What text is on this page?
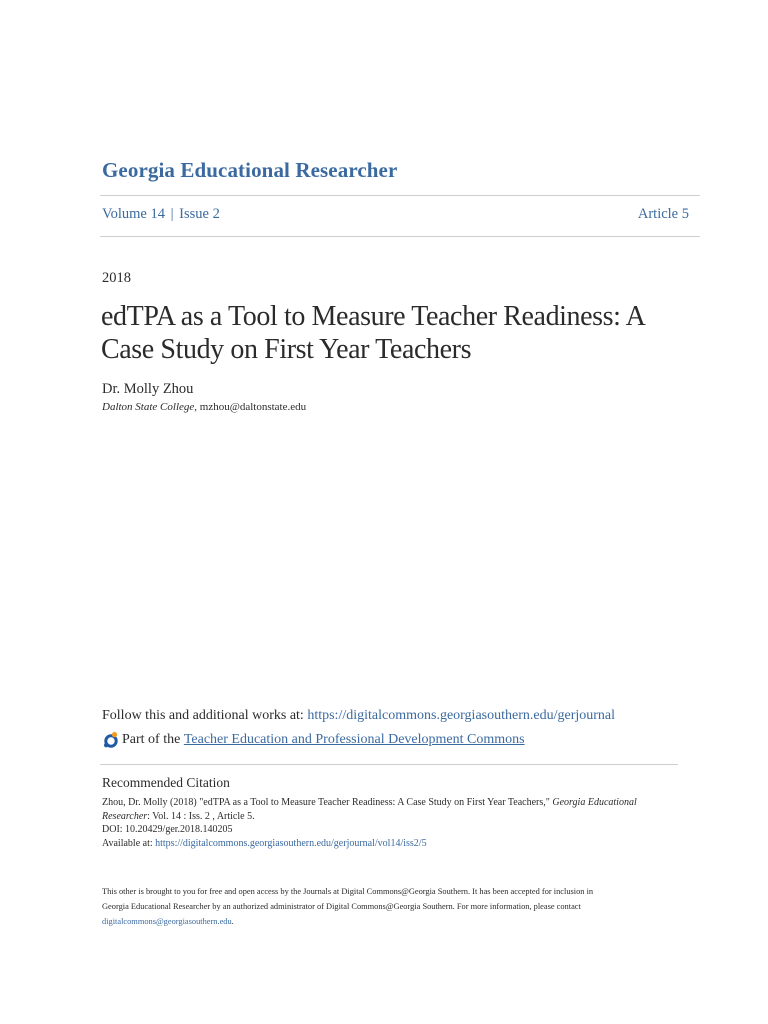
Georgia Educational Researcher
Volume 14 | Issue 2	Article 5
2018
edTPA as a Tool to Measure Teacher Readiness: A
Case Study on First Year Teachers
Dr. Molly Zhou
Dalton State College, mzhou@daltonstate.edu
Follow this and additional works at: https://digitalcommons.georgiasouthern.edu/gerjournal
Part of the
Teacher Education and Professional Development Commons
Recommended Citation
Zhou, Dr. Molly (2018) "edTPA as a Tool to Measure Teacher Readiness: A Case Study on First Year Teachers," Georgia Educational
Researcher: Vol. 14 : Iss. 2 , Article 5.
DOI: 10.20429/ger.2018.140205
Available at: https://digitalcommons.georgiasouthern.edu/gerjournal/vol14/iss2/5
This other is brought to you for free and open access by the Journals at Digital Commons@Georgia Southern. It has been accepted for inclusion in
Georgia Educational Researcher by an authorized administrator of Digital Commons@Georgia Southern. For more information, please contact
digitalcommons@georgiasouthern.edu.
